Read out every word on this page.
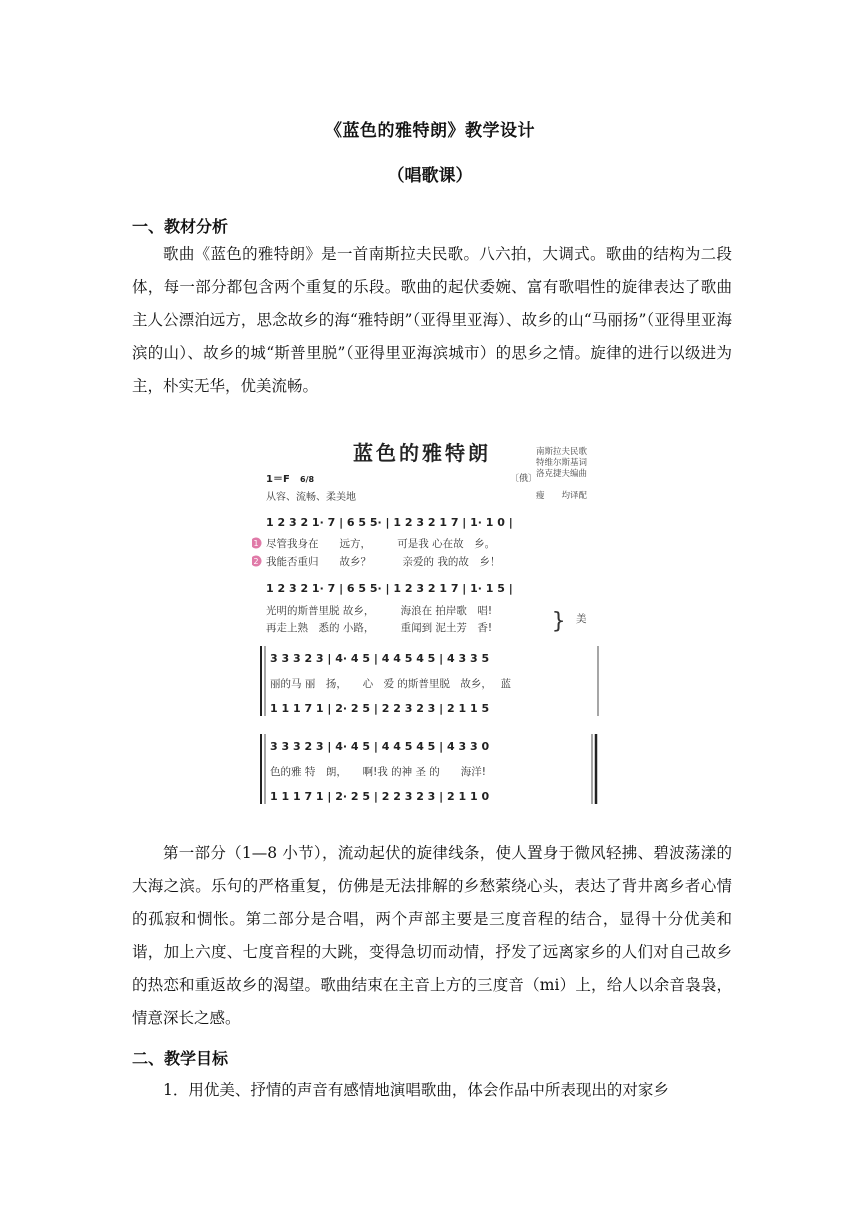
《蓝色的雅特朗》教学设计
（唱歌课）
一、教材分析

歌曲《蓝色的雅特朗》是一首南斯拉夫民歌。八六拍，大调式。歌曲的结构为二段体，每一部分都包含两个重复的乐段。歌曲的起伏委婉、富有歌唱性的旋律表达了歌曲主人公漂泊远方，思念故乡的海“雅特朗”（亚得里亚海）、故乡的山“马丽扬”（亚得里亚海滨的山）、故乡的城“斯普里脱”（亚得里亚海滨城市）的思乡之情。旋律的进行以级进为主，朴实无华，优美流畅。

蓝色的雅特朗
〔俄〕
南斯拉夫民歌
特维尔斯基词
洛克捷夫编曲
瘦　　均译配
1＝F 6/8
从容、流畅、柔美地
1 2 3 2 1· 7 | 6 5 5· | 1 2 3 2 1 7 | 1· 1 0 |
1 尽管我身在　　远方，　　　可是我 心在故　乡。
2 我能否重归　　故乡？　　　亲爱的 我的故　乡！
1 2 3 2 1· 7 | 6 5 5· | 1 2 3 2 1 7 | 1· 1 5 |
光明的斯普里脱 故乡，　　　海浪在 拍岸歌　唱!
再走上熟　悉的 小路，　　　重闻到 泥土芳　香!	} 美
3 3 3 2 3 | 4· 4 5 | 4 4 5 4 5 | 4 3 3 5
丽的马 丽　扬，　　心　爱 的斯普里脱　故乡，　 蓝
1 1 1 7 1 | 2· 2 5 | 2 2 3 2 3 | 2 1 1 5
3 3 3 2 3 | 4· 4 5 | 4 4 5 4 5 | 4 3 3 0
色的雅 特　朗，　　啊!我 的神 圣 的　　海洋!
1 1 1 7 1 | 2· 2 5 | 2 2 3 2 3 | 2 1 1 0

第一部分（1—8 小节），流动起伏的旋律线条，使人置身于微风轻拂、碧波荡漾的大海之滨。乐句的严格重复，仿佛是无法排解的乡愁萦绕心头，表达了背井离乡者心情的孤寂和惆怅。第二部分是合唱，两个声部主要是三度音程的结合，显得十分优美和谐，加上六度、七度音程的大跳，变得急切而动情，抒发了远离家乡的人们对自己故乡的热恋和重返故乡的渴望。歌曲结束在主音上方的三度音（mi）上，给人以余音袅袅，情意深长之感。

二、教学目标

1．用优美、抒情的声音有感情地演唱歌曲，体会作品中所表现出的对家乡
